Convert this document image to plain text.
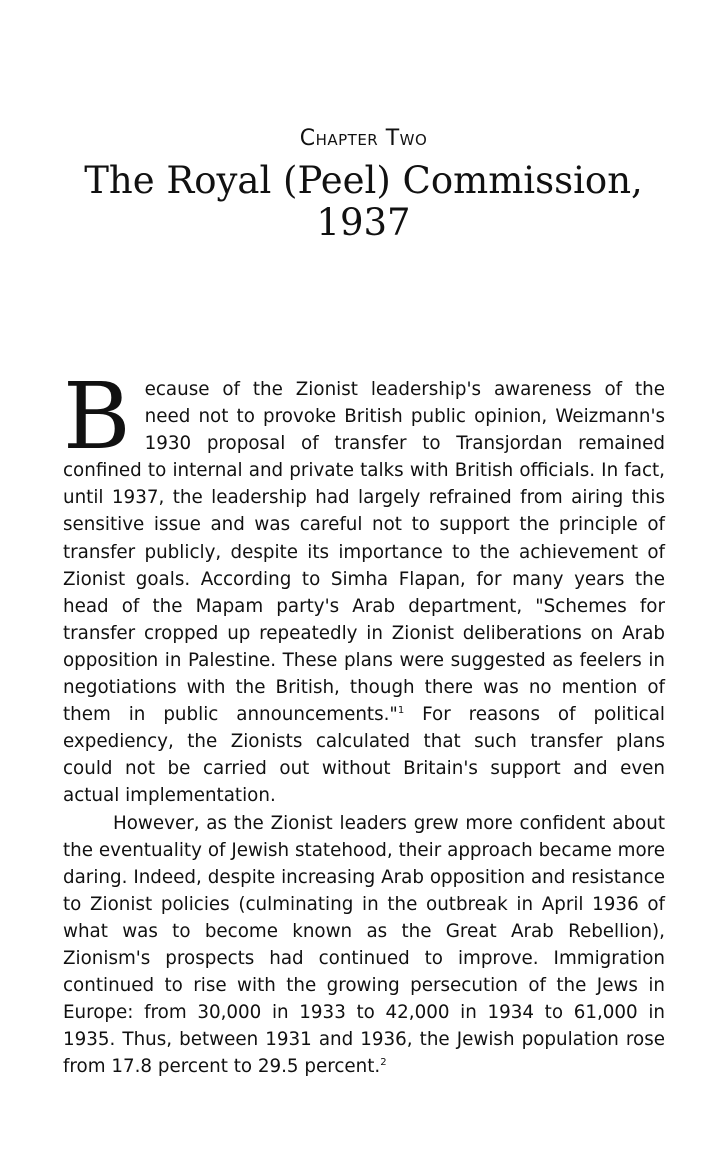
Chapter Two
The Royal (Peel) Commission,
1937

Because of the Zionist leadership's awareness of the need not to provoke British public opinion, Weizmann's 1930 proposal of transfer to Transjordan remained confined to internal and private talks with British officials. In fact, until 1937, the leadership had largely refrained from airing this sensitive issue and was careful not to support the principle of transfer publicly, despite its importance to the achievement of Zionist goals. According to Simha Flapan, for many years the head of the Mapam party's Arab department, "Schemes for transfer cropped up repeatedly in Zionist deliberations on Arab opposition in Palestine. These plans were suggested as feelers in negotiations with the British, though there was no mention of them in public announcements."$^1$ For reasons of political expediency, the Zionists calculated that such transfer plans could not be carried out without Britain's support and even actual implementation.

However, as the Zionist leaders grew more confident about the eventuality of Jewish statehood, their approach became more daring. Indeed, despite increasing Arab opposition and resistance to Zionist policies (culminating in the outbreak in April 1936 of what was to become known as the Great Arab Rebellion), Zionism's prospects had continued to improve. Immigration continued to rise with the growing persecution of the Jews in Europe: from 30,000 in 1933 to 42,000 in 1934 to 61,000 in 1935. Thus, between 1931 and 1936, the Jewish population rose from 17.8 percent to 29.5 percent.$^2$
